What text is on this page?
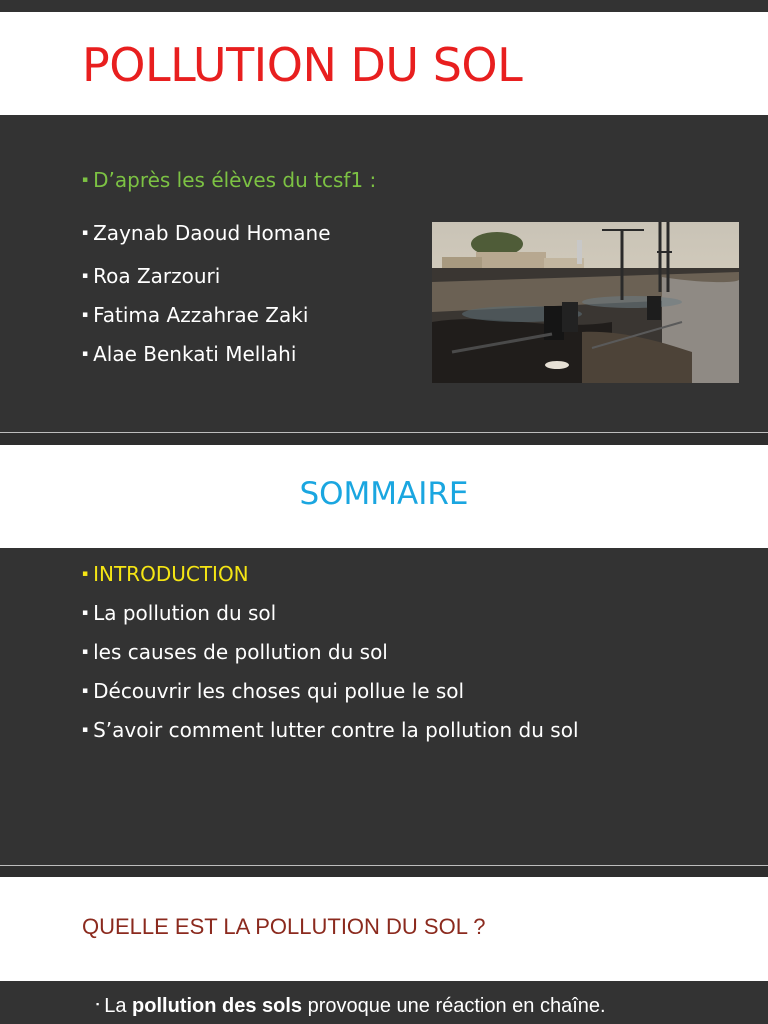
POLLUTION DU SOL
▪ D’après les élèves du tcsf1 :
▪ Zaynab Daoud Homane
▪ Roa Zarzouri
▪ Fatima Azzahrae Zaki
▪ Alae Benkati Mellahi
SOMMAIRE
▪ INTRODUCTION
▪ La pollution du sol
▪ les causes de pollution du sol
▪ Découvrir les choses qui pollue le sol
▪ S’avoir comment lutter contre la pollution du sol
QUELLE EST LA POLLUTION DU SOL ?
▪ La pollution des sols provoque une réaction en chaîne.
